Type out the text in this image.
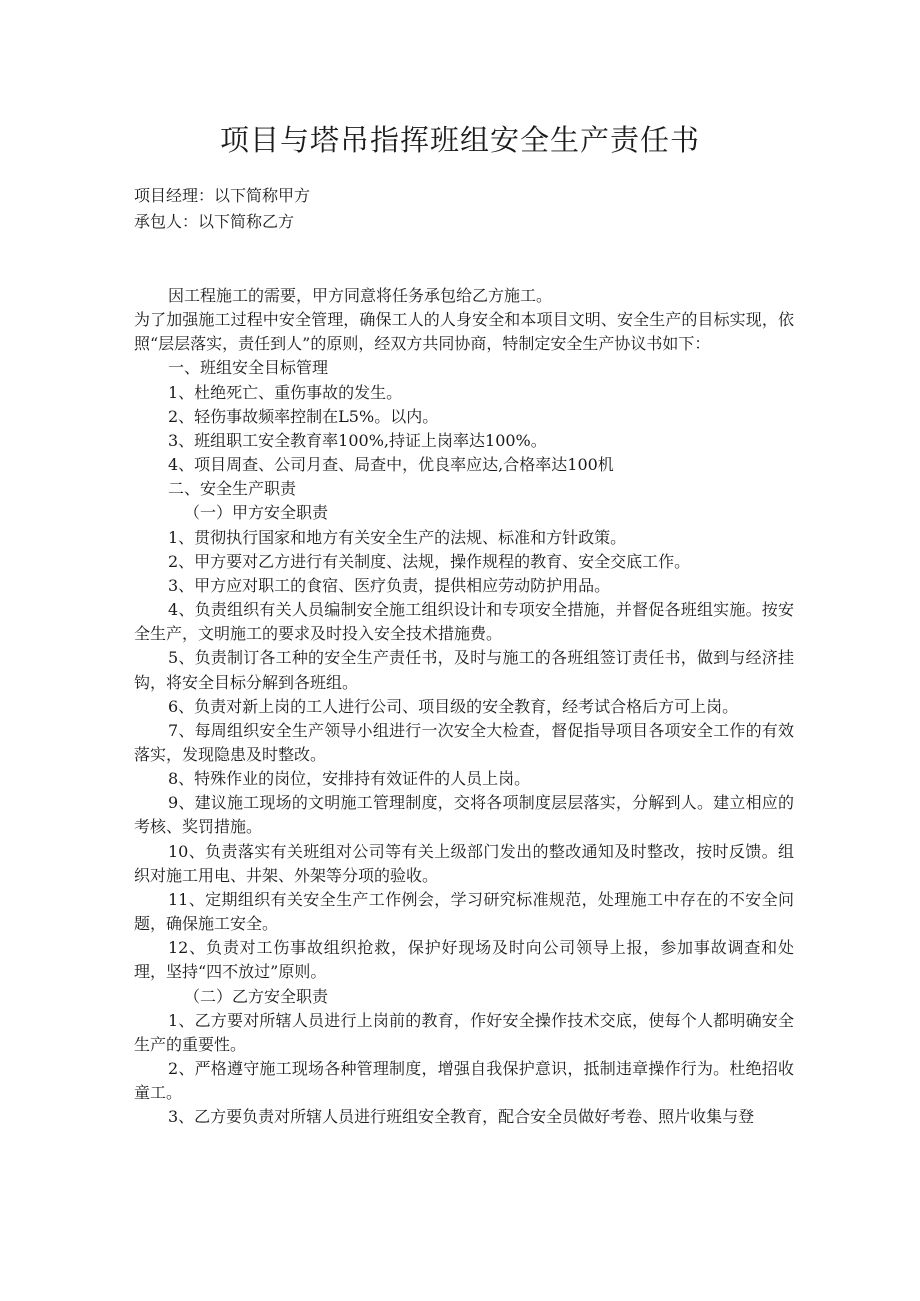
项目与塔吊指挥班组安全生产责任书
项目经理：以下简称甲方
承包人：以下简称乙方

因工程施工的需要，甲方同意将任务承包给乙方施工。

为了加强施工过程中安全管理，确保工人的人身安全和本项目文明、安全生产的目标实现，依照“层层落实，责任到人”的原则，经双方共同协商，特制定安全生产协议书如下：

一、班组安全目标管理

1、杜绝死亡、重伤事故的发生。

2、轻伤事故频率控制在L5%。以内。

3、班组职工安全教育率100%,持证上岗率达100%。

4、项目周查、公司月查、局查中，优良率应达,合格率达100机

二、安全生产职责

（一）甲方安全职责

1、贯彻执行国家和地方有关安全生产的法规、标准和方针政策。

2、甲方要对乙方进行有关制度、法规，操作规程的教育、安全交底工作。

3、甲方应对职工的食宿、医疗负责，提供相应劳动防护用品。

4、负责组织有关人员编制安全施工组织设计和专项安全措施，并督促各班组实施。按安全生产，文明施工的要求及时投入安全技术措施费。

5、负责制订各工种的安全生产责任书，及时与施工的各班组签订责任书，做到与经济挂钩，将安全目标分解到各班组。

6、负责对新上岗的工人进行公司、项目级的安全教育，经考试合格后方可上岗。

7、每周组织安全生产领导小组进行一次安全大检查，督促指导项目各项安全工作的有效落实，发现隐患及时整改。

8、特殊作业的岗位，安排持有效证件的人员上岗。

9、建议施工现场的文明施工管理制度，交将各项制度层层落实，分解到人。建立相应的考核、奖罚措施。

10、负责落实有关班组对公司等有关上级部门发出的整改通知及时整改，按时反馈。组织对施工用电、井架、外架等分项的验收。

11、定期组织有关安全生产工作例会，学习研究标准规范，处理施工中存在的不安全问题，确保施工安全。

12、负责对工伤事故组织抢救，保护好现场及时向公司领导上报，参加事故调查和处理，坚持“四不放过”原则。

（二）乙方安全职责

1、乙方要对所辖人员进行上岗前的教育，作好安全操作技术交底，使每个人都明确安全生产的重要性。

2、严格遵守施工现场各种管理制度，增强自我保护意识，抵制违章操作行为。杜绝招收童工。

3、乙方要负责对所辖人员进行班组安全教育，配合安全员做好考卷、照片收集与登
